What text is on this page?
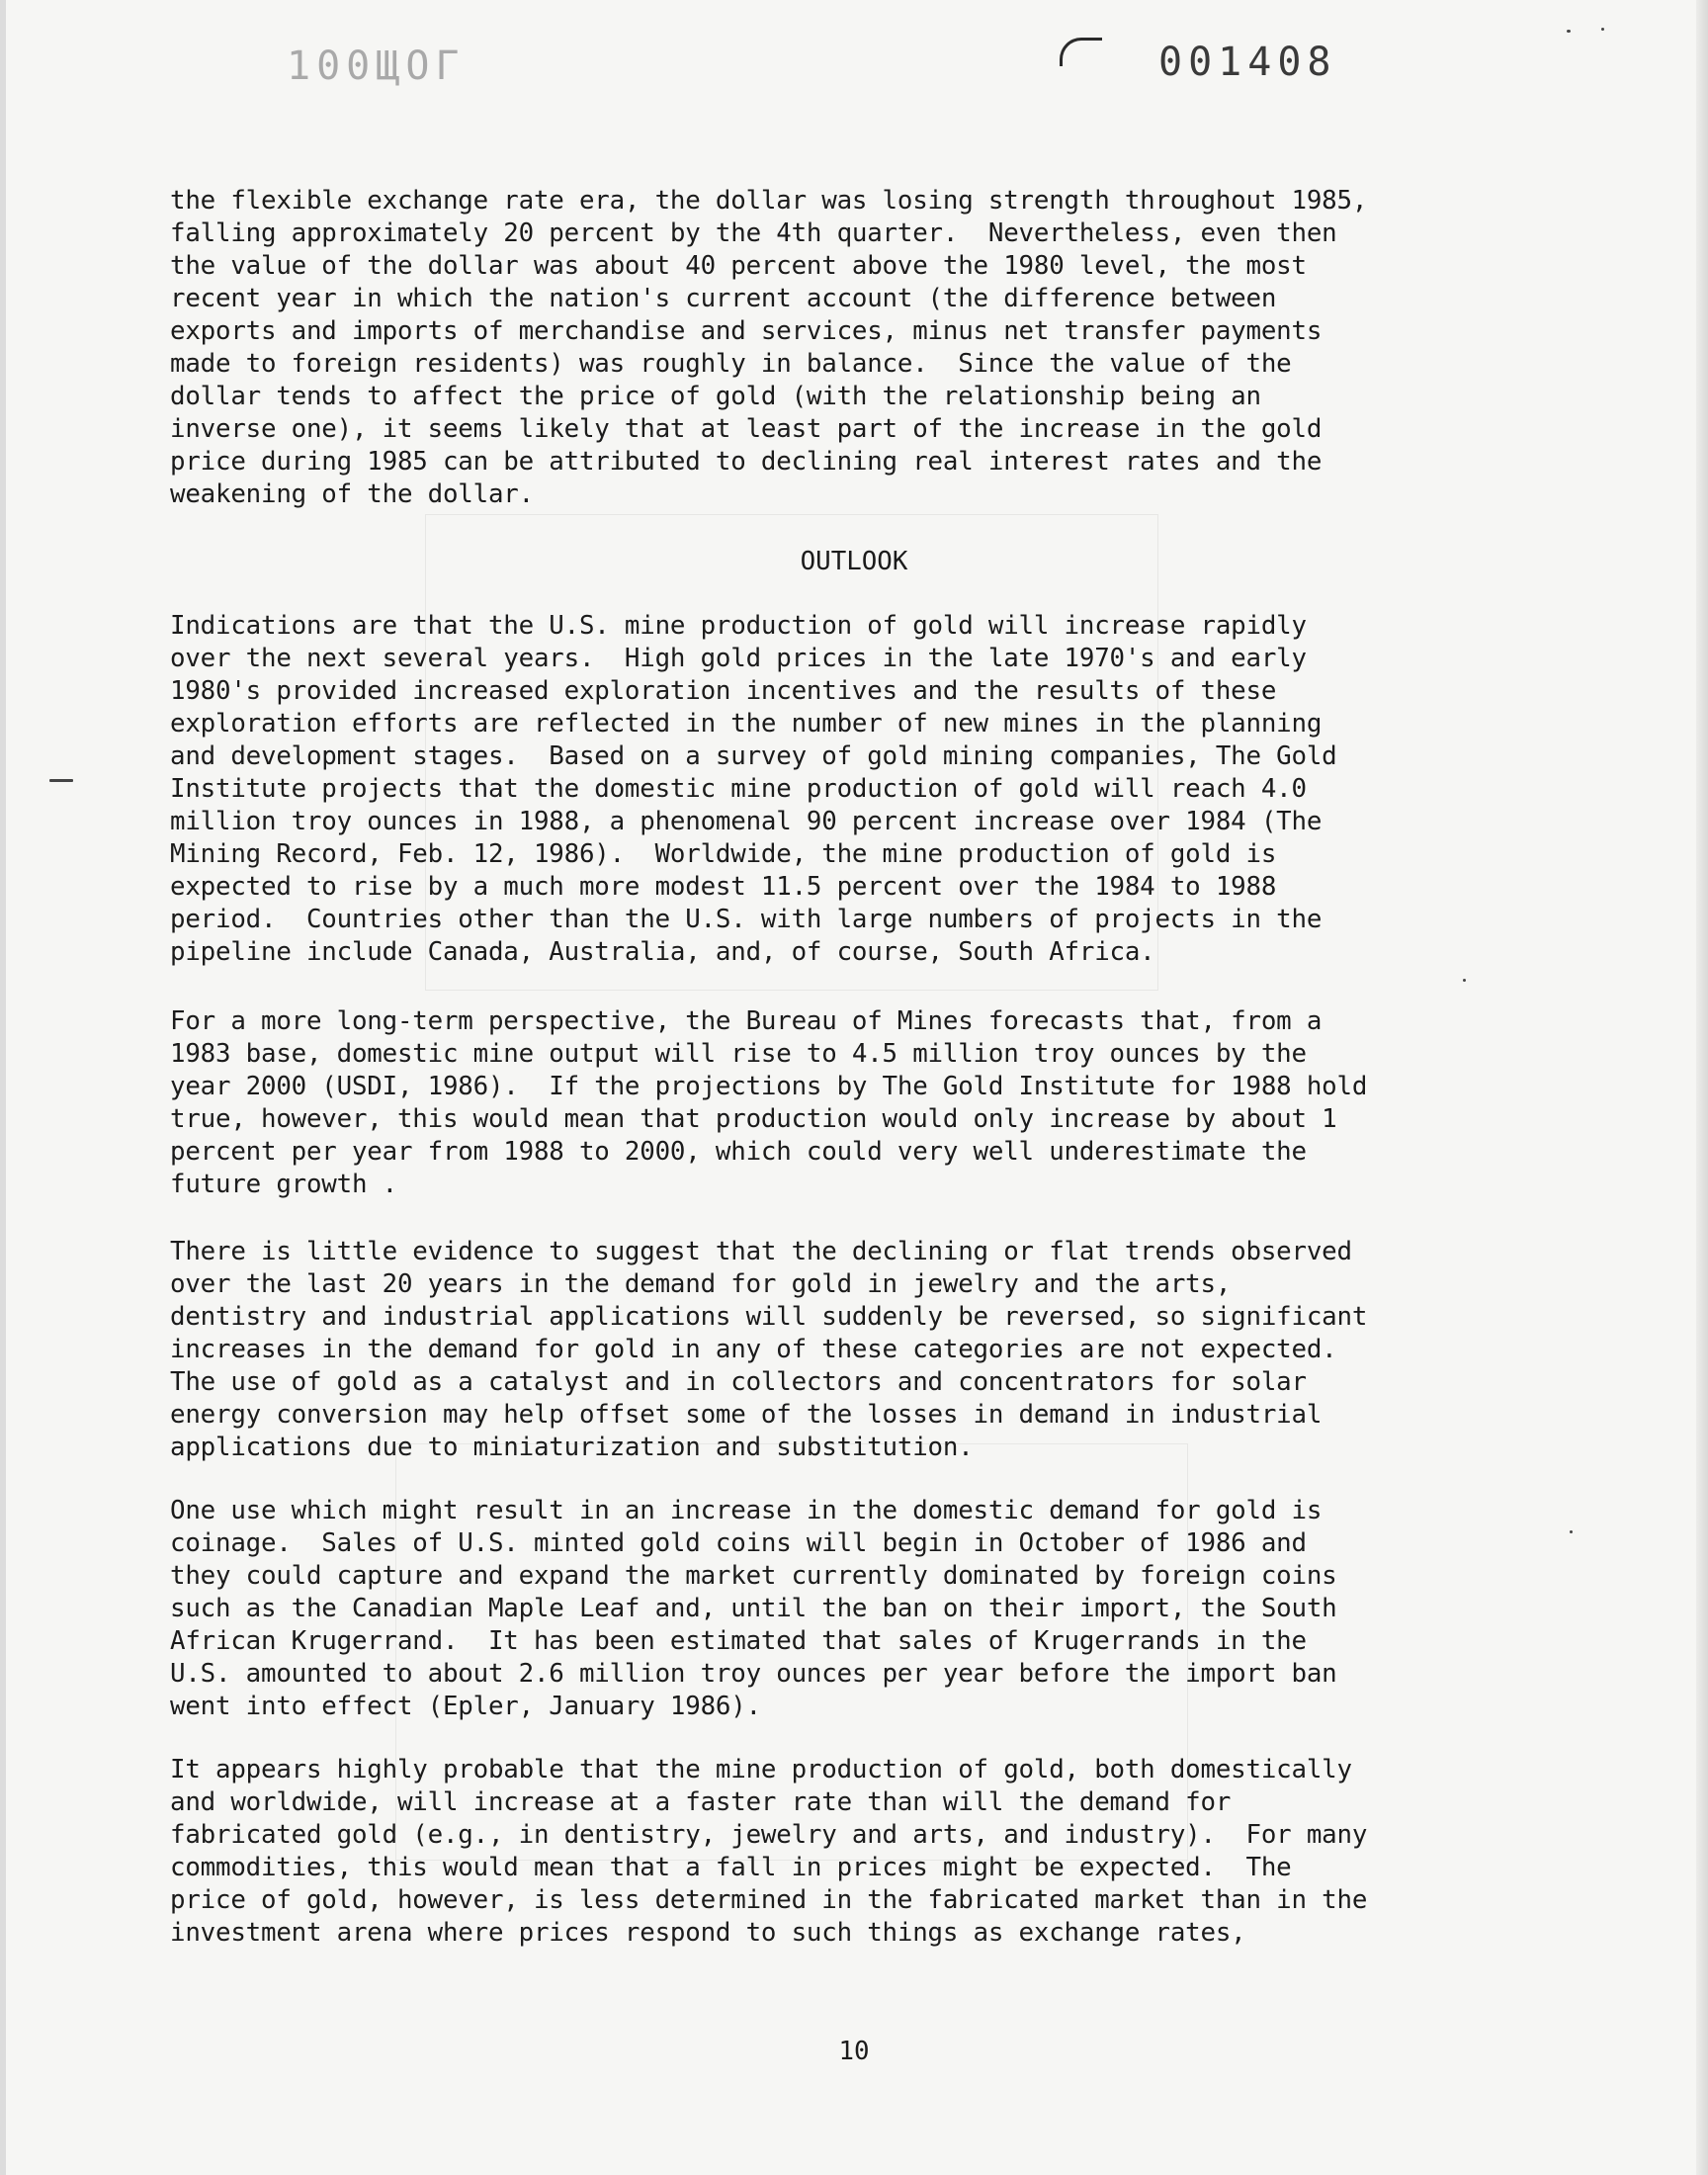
100ЩОГ	001408

the flexible exchange rate era, the dollar was losing strength throughout 1985,
falling approximately 20 percent by the 4th quarter.  Nevertheless, even then
the value of the dollar was about 40 percent above the 1980 level, the most
recent year in which the nation's current account (the difference between
exports and imports of merchandise and services, minus net transfer payments
made to foreign residents) was roughly in balance.  Since the value of the
dollar tends to affect the price of gold (with the relationship being an
inverse one), it seems likely that at least part of the increase in the gold
price during 1985 can be attributed to declining real interest rates and the
weakening of the dollar.

OUTLOOK

Indications are that the U.S. mine production of gold will increase rapidly
over the next several years.  High gold prices in the late 1970's and early
1980's provided increased exploration incentives and the results of these
exploration efforts are reflected in the number of new mines in the planning
and development stages.  Based on a survey of gold mining companies, The Gold
Institute projects that the domestic mine production of gold will reach 4.0
million troy ounces in 1988, a phenomenal 90 percent increase over 1984 (The
Mining Record, Feb. 12, 1986).  Worldwide, the mine production of gold is
expected to rise by a much more modest 11.5 percent over the 1984 to 1988
period.  Countries other than the U.S. with large numbers of projects in the
pipeline include Canada, Australia, and, of course, South Africa.

For a more long-term perspective, the Bureau of Mines forecasts that, from a
1983 base, domestic mine output will rise to 4.5 million troy ounces by the
year 2000 (USDI, 1986).  If the projections by The Gold Institute for 1988 hold
true, however, this would mean that production would only increase by about 1
percent per year from 1988 to 2000, which could very well underestimate the
future growth .

There is little evidence to suggest that the declining or flat trends observed
over the last 20 years in the demand for gold in jewelry and the arts,
dentistry and industrial applications will suddenly be reversed, so significant
increases in the demand for gold in any of these categories are not expected.
The use of gold as a catalyst and in collectors and concentrators for solar
energy conversion may help offset some of the losses in demand in industrial
applications due to miniaturization and substitution.

One use which might result in an increase in the domestic demand for gold is
coinage.  Sales of U.S. minted gold coins will begin in October of 1986 and
they could capture and expand the market currently dominated by foreign coins
such as the Canadian Maple Leaf and, until the ban on their import, the South
African Krugerrand.  It has been estimated that sales of Krugerrands in the
U.S. amounted to about 2.6 million troy ounces per year before the import ban
went into effect (Epler, January 1986).

It appears highly probable that the mine production of gold, both domestically
and worldwide, will increase at a faster rate than will the demand for
fabricated gold (e.g., in dentistry, jewelry and arts, and industry).  For many
commodities, this would mean that a fall in prices might be expected.  The
price of gold, however, is less determined in the fabricated market than in the
investment arena where prices respond to such things as exchange rates,

10
